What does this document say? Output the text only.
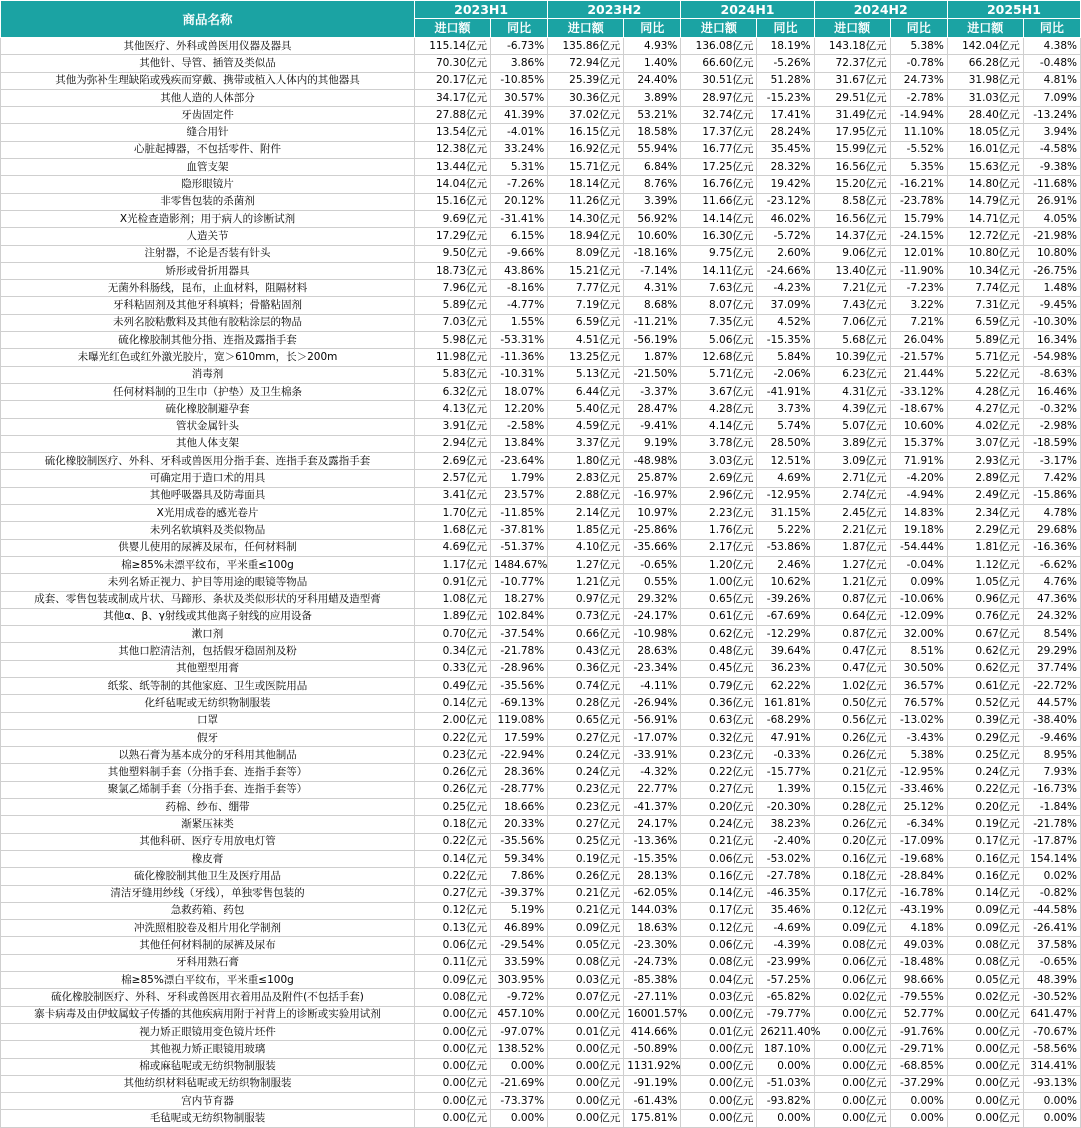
商品名称	2023H1		2023H2		2024H1		2024H2		2025H1	
	进口额	同比	进口额	同比	进口额	同比	进口额	同比	进口额	同比
其他医疗、外科或兽医用仪器及器具	115.14亿元	-6.73%	135.86亿元	4.93%	136.08亿元	18.19%	143.18亿元	5.38%	142.04亿元	4.38%
其他针、导管、插管及类似品	70.30亿元	3.86%	72.94亿元	1.40%	66.60亿元	-5.26%	72.37亿元	-0.78%	66.28亿元	-0.48%
其他为弥补生理缺陷或残疾而穿戴、携带或植入人体内的其他器具	20.17亿元	-10.85%	25.39亿元	24.40%	30.51亿元	51.28%	31.67亿元	24.73%	31.98亿元	4.81%
其他人造的人体部分	34.17亿元	30.57%	30.36亿元	3.89%	28.97亿元	-15.23%	29.51亿元	-2.78%	31.03亿元	7.09%
牙齿固定件	27.88亿元	41.39%	37.02亿元	53.21%	32.74亿元	17.41%	31.49亿元	-14.94%	28.40亿元	-13.24%
缝合用针	13.54亿元	-4.01%	16.15亿元	18.58%	17.37亿元	28.24%	17.95亿元	11.10%	18.05亿元	3.94%
心脏起搏器，不包括零件、附件	12.38亿元	33.24%	16.92亿元	55.94%	16.77亿元	35.45%	15.99亿元	-5.52%	16.01亿元	-4.58%
血管支架	13.44亿元	5.31%	15.71亿元	6.84%	17.25亿元	28.32%	16.56亿元	5.35%	15.63亿元	-9.38%
隐形眼镜片	14.04亿元	-7.26%	18.14亿元	8.76%	16.76亿元	19.42%	15.20亿元	-16.21%	14.80亿元	-11.68%
非零售包装的杀菌剂	15.16亿元	20.12%	11.26亿元	3.39%	11.66亿元	-23.12%	8.58亿元	-23.78%	14.79亿元	26.91%
X光检查造影剂；用于病人的诊断试剂	9.69亿元	-31.41%	14.30亿元	56.92%	14.14亿元	46.02%	16.56亿元	15.79%	14.71亿元	4.05%
人造关节	17.29亿元	6.15%	18.94亿元	10.60%	16.30亿元	-5.72%	14.37亿元	-24.15%	12.72亿元	-21.98%
注射器，不论是否装有针头	9.50亿元	-9.66%	8.09亿元	-18.16%	9.75亿元	2.60%	9.06亿元	12.01%	10.80亿元	10.80%
矫形或骨折用器具	18.73亿元	43.86%	15.21亿元	-7.14%	14.11亿元	-24.66%	13.40亿元	-11.90%	10.34亿元	-26.75%
无菌外科肠线，昆布，止血材料，阻隔材料	7.96亿元	-8.16%	7.77亿元	4.31%	7.63亿元	-4.23%	7.21亿元	-7.23%	7.74亿元	1.48%
牙科粘固剂及其他牙科填料；骨骼粘固剂	5.89亿元	-4.77%	7.19亿元	8.68%	8.07亿元	37.09%	7.43亿元	3.22%	7.31亿元	-9.45%
未列名胶粘敷料及其他有胶粘涂层的物品	7.03亿元	1.55%	6.59亿元	-11.21%	7.35亿元	4.52%	7.06亿元	7.21%	6.59亿元	-10.30%
硫化橡胶制其他分指、连指及露指手套	5.98亿元	-53.31%	4.51亿元	-56.19%	5.06亿元	-15.35%	5.68亿元	26.04%	5.89亿元	16.34%
未曝光红色或红外激光胶片，宽＞610mm，长＞200m	11.98亿元	-11.36%	13.25亿元	1.87%	12.68亿元	5.84%	10.39亿元	-21.57%	5.71亿元	-54.98%
消毒剂	5.83亿元	-10.31%	5.13亿元	-21.50%	5.71亿元	-2.06%	6.23亿元	21.44%	5.22亿元	-8.63%
任何材料制的卫生巾（护垫）及卫生棉条	6.32亿元	18.07%	6.44亿元	-3.37%	3.67亿元	-41.91%	4.31亿元	-33.12%	4.28亿元	16.46%
硫化橡胶制避孕套	4.13亿元	12.20%	5.40亿元	28.47%	4.28亿元	3.73%	4.39亿元	-18.67%	4.27亿元	-0.32%
管状金属针头	3.91亿元	-2.58%	4.59亿元	-9.41%	4.14亿元	5.74%	5.07亿元	10.60%	4.02亿元	-2.98%
其他人体支架	2.94亿元	13.84%	3.37亿元	9.19%	3.78亿元	28.50%	3.89亿元	15.37%	3.07亿元	-18.59%
硫化橡胶制医疗、外科、牙科或兽医用分指手套、连指手套及露指手套	2.69亿元	-23.64%	1.80亿元	-48.98%	3.03亿元	12.51%	3.09亿元	71.91%	2.93亿元	-3.17%
可确定用于造口术的用具	2.57亿元	1.79%	2.83亿元	25.87%	2.69亿元	4.69%	2.71亿元	-4.20%	2.89亿元	7.42%
其他呼吸器具及防毒面具	3.41亿元	23.57%	2.88亿元	-16.97%	2.96亿元	-12.95%	2.74亿元	-4.94%	2.49亿元	-15.86%
X光用成卷的感光卷片	1.70亿元	-11.85%	2.14亿元	10.97%	2.23亿元	31.15%	2.45亿元	14.83%	2.34亿元	4.78%
未列名软填料及类似物品	1.68亿元	-37.81%	1.85亿元	-25.86%	1.76亿元	5.22%	2.21亿元	19.18%	2.29亿元	29.68%
供婴儿使用的尿裤及尿布，任何材料制	4.69亿元	-51.37%	4.10亿元	-35.66%	2.17亿元	-53.86%	1.87亿元	-54.44%	1.81亿元	-16.36%
棉≥85%未漂平纹布，平米重≤100g	1.17亿元	1484.67%	1.27亿元	-0.65%	1.20亿元	2.46%	1.27亿元	-0.04%	1.12亿元	-6.62%
未列名矫正视力、护目等用途的眼镜等物品	0.91亿元	-10.77%	1.21亿元	0.55%	1.00亿元	10.62%	1.21亿元	0.09%	1.05亿元	4.76%
成套、零售包装或制成片状、马蹄形、条状及类似形状的牙科用蜡及造型膏	1.08亿元	18.27%	0.97亿元	29.32%	0.65亿元	-39.26%	0.87亿元	-10.06%	0.96亿元	47.36%
其他α、β、γ射线或其他离子射线的应用设备	1.89亿元	102.84%	0.73亿元	-24.17%	0.61亿元	-67.69%	0.64亿元	-12.09%	0.76亿元	24.32%
漱口剂	0.70亿元	-37.54%	0.66亿元	-10.98%	0.62亿元	-12.29%	0.87亿元	32.00%	0.67亿元	8.54%
其他口腔清洁剂，包括假牙稳固剂及粉	0.34亿元	-21.78%	0.43亿元	28.63%	0.48亿元	39.64%	0.47亿元	8.51%	0.62亿元	29.29%
其他塑型用膏	0.33亿元	-28.96%	0.36亿元	-23.34%	0.45亿元	36.23%	0.47亿元	30.50%	0.62亿元	37.74%
纸浆、纸等制的其他家庭、卫生或医院用品	0.49亿元	-35.56%	0.74亿元	-4.11%	0.79亿元	62.22%	1.02亿元	36.57%	0.61亿元	-22.72%
化纤毡呢或无纺织物制服装	0.14亿元	-69.13%	0.28亿元	-26.94%	0.36亿元	161.81%	0.50亿元	76.57%	0.52亿元	44.57%
口罩	2.00亿元	119.08%	0.65亿元	-56.91%	0.63亿元	-68.29%	0.56亿元	-13.02%	0.39亿元	-38.40%
假牙	0.22亿元	17.59%	0.27亿元	-17.07%	0.32亿元	47.91%	0.26亿元	-3.43%	0.29亿元	-9.46%
以熟石膏为基本成分的牙科用其他制品	0.23亿元	-22.94%	0.24亿元	-33.91%	0.23亿元	-0.33%	0.26亿元	5.38%	0.25亿元	8.95%
其他塑料制手套（分指手套、连指手套等）	0.26亿元	28.36%	0.24亿元	-4.32%	0.22亿元	-15.77%	0.21亿元	-12.95%	0.24亿元	7.93%
聚氯乙烯制手套（分指手套、连指手套等）	0.26亿元	-28.77%	0.23亿元	22.77%	0.27亿元	1.39%	0.15亿元	-33.46%	0.22亿元	-16.73%
药棉、纱布、绷带	0.25亿元	18.66%	0.23亿元	-41.37%	0.20亿元	-20.30%	0.28亿元	25.12%	0.20亿元	-1.84%
渐紧压袜类	0.18亿元	20.33%	0.27亿元	24.17%	0.24亿元	38.23%	0.26亿元	-6.34%	0.19亿元	-21.78%
其他科研、医疗专用放电灯管	0.22亿元	-35.56%	0.25亿元	-13.36%	0.21亿元	-2.40%	0.20亿元	-17.09%	0.17亿元	-17.87%
橡皮膏	0.14亿元	59.34%	0.19亿元	-15.35%	0.06亿元	-53.02%	0.16亿元	-19.68%	0.16亿元	154.14%
硫化橡胶制其他卫生及医疗用品	0.22亿元	7.86%	0.26亿元	28.13%	0.16亿元	-27.78%	0.18亿元	-28.84%	0.16亿元	0.02%
清洁牙缝用纱线（牙线），单独零售包装的	0.27亿元	-39.37%	0.21亿元	-62.05%	0.14亿元	-46.35%	0.17亿元	-16.78%	0.14亿元	-0.82%
急救药箱、药包	0.12亿元	5.19%	0.21亿元	144.03%	0.17亿元	35.46%	0.12亿元	-43.19%	0.09亿元	-44.58%
冲洗照相胶卷及相片用化学制剂	0.13亿元	46.89%	0.09亿元	18.63%	0.12亿元	-4.69%	0.09亿元	4.18%	0.09亿元	-26.41%
其他任何材料制的尿裤及尿布	0.06亿元	-29.54%	0.05亿元	-23.30%	0.06亿元	-4.39%	0.08亿元	49.03%	0.08亿元	37.58%
牙科用熟石膏	0.11亿元	33.59%	0.08亿元	-24.73%	0.08亿元	-23.99%	0.06亿元	-18.48%	0.08亿元	-0.65%
棉≥85%漂白平纹布，平米重≤100g	0.09亿元	303.95%	0.03亿元	-85.38%	0.04亿元	-57.25%	0.06亿元	98.66%	0.05亿元	48.39%
硫化橡胶制医疗、外科、牙科或兽医用衣着用品及附件(不包括手套)	0.08亿元	-9.72%	0.07亿元	-27.11%	0.03亿元	-65.82%	0.02亿元	-79.55%	0.02亿元	-30.52%
寨卡病毒及由伊蚊属蚊子传播的其他疾病用附于衬背上的诊断或实验用试剂	0.00亿元	457.10%	0.00亿元	16001.57%	0.00亿元	-79.77%	0.00亿元	52.77%	0.00亿元	641.47%
视力矫正眼镜用变色镜片坯件	0.00亿元	-97.07%	0.01亿元	414.66%	0.01亿元	26211.40%	0.00亿元	-91.76%	0.00亿元	-70.67%
其他视力矫正眼镜用玻璃	0.00亿元	138.52%	0.00亿元	-50.89%	0.00亿元	187.10%	0.00亿元	-29.71%	0.00亿元	-58.56%
棉或麻毡呢或无纺织物制服装	0.00亿元	0.00%	0.00亿元	1131.92%	0.00亿元	0.00%	0.00亿元	-68.85%	0.00亿元	314.41%
其他纺织材料毡呢或无纺织物制服装	0.00亿元	-21.69%	0.00亿元	-91.19%	0.00亿元	-51.03%	0.00亿元	-37.29%	0.00亿元	-93.13%
宫内节育器	0.00亿元	-73.37%	0.00亿元	-61.43%	0.00亿元	-93.82%	0.00亿元	0.00%	0.00亿元	0.00%
毛毡呢或无纺织物制服装	0.00亿元	0.00%	0.00亿元	175.81%	0.00亿元	0.00%	0.00亿元	0.00%	0.00亿元	0.00%
